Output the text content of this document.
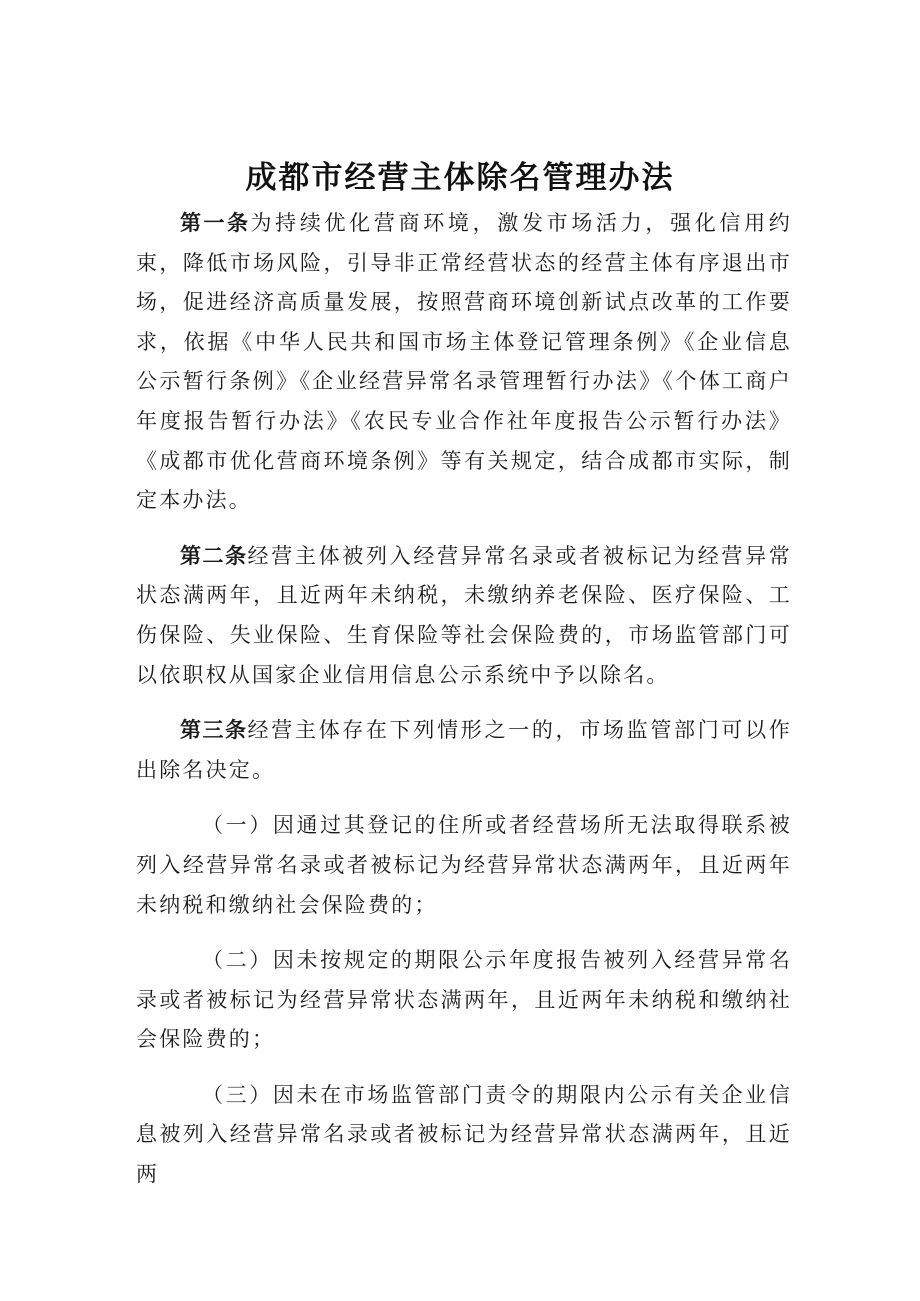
成都市经营主体除名管理办法

第一条为持续优化营商环境，激发市场活力，强化信用约束，降低市场风险，引导非正常经营状态的经营主体有序退出市场，促进经济高质量发展，按照营商环境创新试点改革的工作要求，依据《中华人民共和国市场主体登记管理条例》《企业信息公示暂行条例》《企业经营异常名录管理暂行办法》《个体工商户年度报告暂行办法》《农民专业合作社年度报告公示暂行办法》《成都市优化营商环境条例》等有关规定，结合成都市实际，制定本办法。

第二条经营主体被列入经营异常名录或者被标记为经营异常状态满两年，且近两年未纳税，未缴纳养老保险、医疗保险、工伤保险、失业保险、生育保险等社会保险费的，市场监管部门可以依职权从国家企业信用信息公示系统中予以除名。

第三条经营主体存在下列情形之一的，市场监管部门可以作出除名决定。

（一）因通过其登记的住所或者经营场所无法取得联系被列入经营异常名录或者被标记为经营异常状态满两年，且近两年未纳税和缴纳社会保险费的；

（二）因未按规定的期限公示年度报告被列入经营异常名录或者被标记为经营异常状态满两年，且近两年未纳税和缴纳社会保险费的；

（三）因未在市场监管部门责令的期限内公示有关企业信息被列入经营异常名录或者被标记为经营异常状态满两年，且近两
